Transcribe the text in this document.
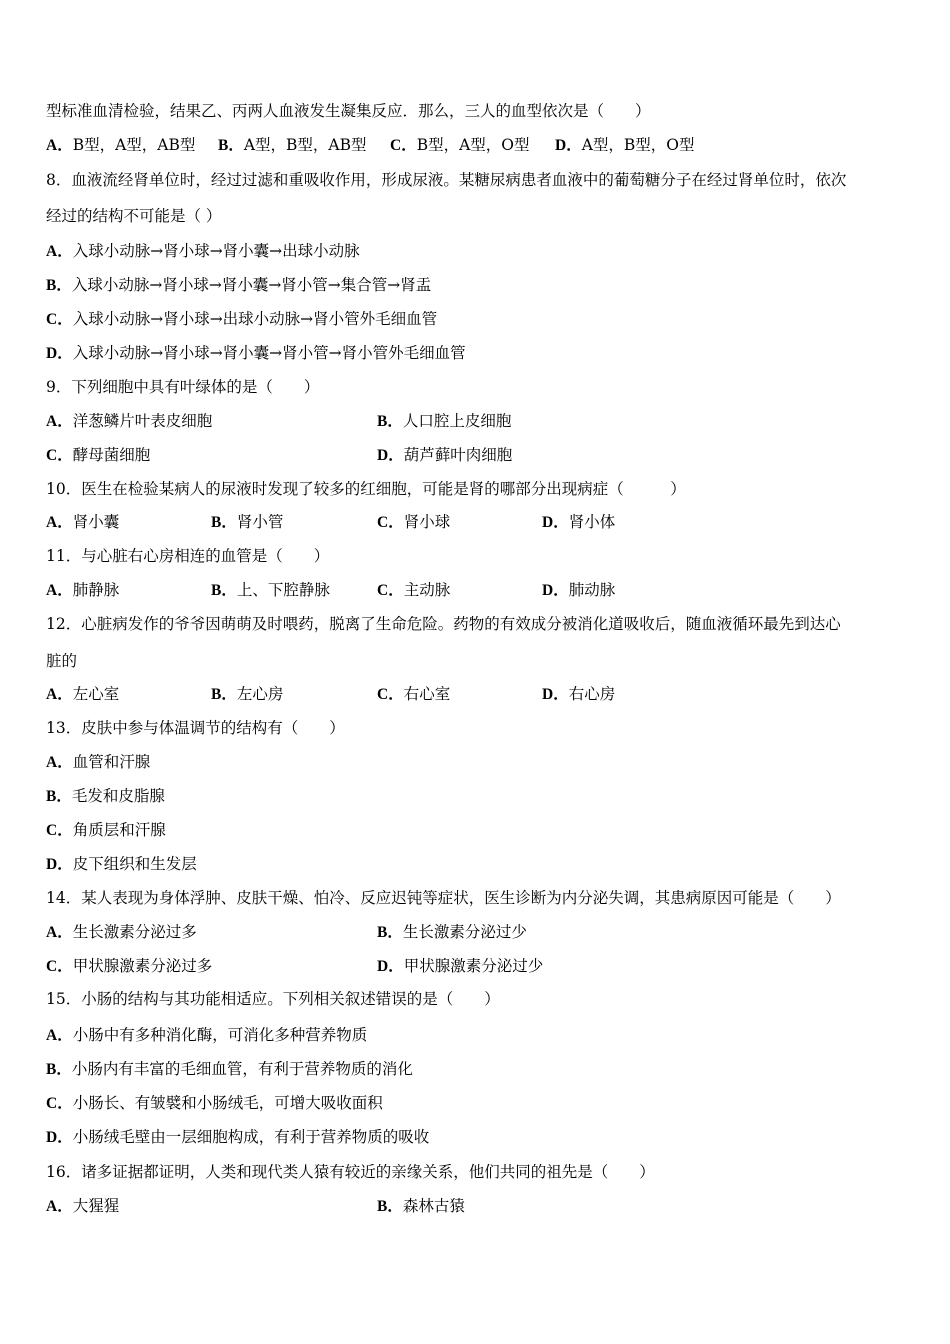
型标准血清检验，结果乙、丙两人血液发生凝集反应．那么，三人的血型依次是（　　）
A．B型，A型，AB型 B．A型，B型，AB型 C．B型，A型，O型 D．A型，B型，O型
8．血液流经肾单位时，经过过滤和重吸收作用，形成尿液。某糖尿病患者血液中的葡萄糖分子在经过肾单位时，依次
经过的结构不可能是（ ）
A．入球小动脉→肾小球→肾小囊→出球小动脉
B．入球小动脉→肾小球→肾小囊→肾小管→集合管→肾盂
C．入球小动脉→肾小球→出球小动脉→肾小管外毛细血管
D．入球小动脉→肾小球→肾小囊→肾小管→肾小管外毛细血管
9．下列细胞中具有叶绿体的是（　　）
A．洋葱鳞片叶表皮细胞	B．人口腔上皮细胞
C．酵母菌细胞	D．葫芦藓叶肉细胞
10．医生在检验某病人的尿液时发现了较多的红细胞，可能是肾的哪部分出现病症（　　　）
A．肾小囊	B．肾小管	C．肾小球	D．肾小体
11．与心脏右心房相连的血管是（　　）
A．肺静脉	B．上、下腔静脉	C．主动脉	D．肺动脉
12．心脏病发作的爷爷因萌萌及时喂药，脱离了生命危险。药物的有效成分被消化道吸收后，随血液循环最先到达心
脏的
A．左心室	B．左心房	C．右心室	D．右心房
13．皮肤中参与体温调节的结构有（　　）
A．血管和汗腺
B．毛发和皮脂腺
C．角质层和汗腺
D．皮下组织和生发层
14．某人表现为身体浮肿、皮肤干燥、怕冷、反应迟钝等症状，医生诊断为内分泌失调，其患病原因可能是（　　）
A．生长激素分泌过多	B．生长激素分泌过少
C．甲状腺激素分泌过多	D．甲状腺激素分泌过少
15．小肠的结构与其功能相适应。下列相关叙述错误的是（　　）
A．小肠中有多种消化酶，可消化多种营养物质
B．小肠内有丰富的毛细血管，有利于营养物质的消化
C．小肠长、有皱襞和小肠绒毛，可增大吸收面积
D．小肠绒毛壁由一层细胞构成，有利于营养物质的吸收
16．诸多证据都证明，人类和现代类人猿有较近的亲缘关系，他们共同的祖先是（　　）
A．大猩猩	B．森林古猿
